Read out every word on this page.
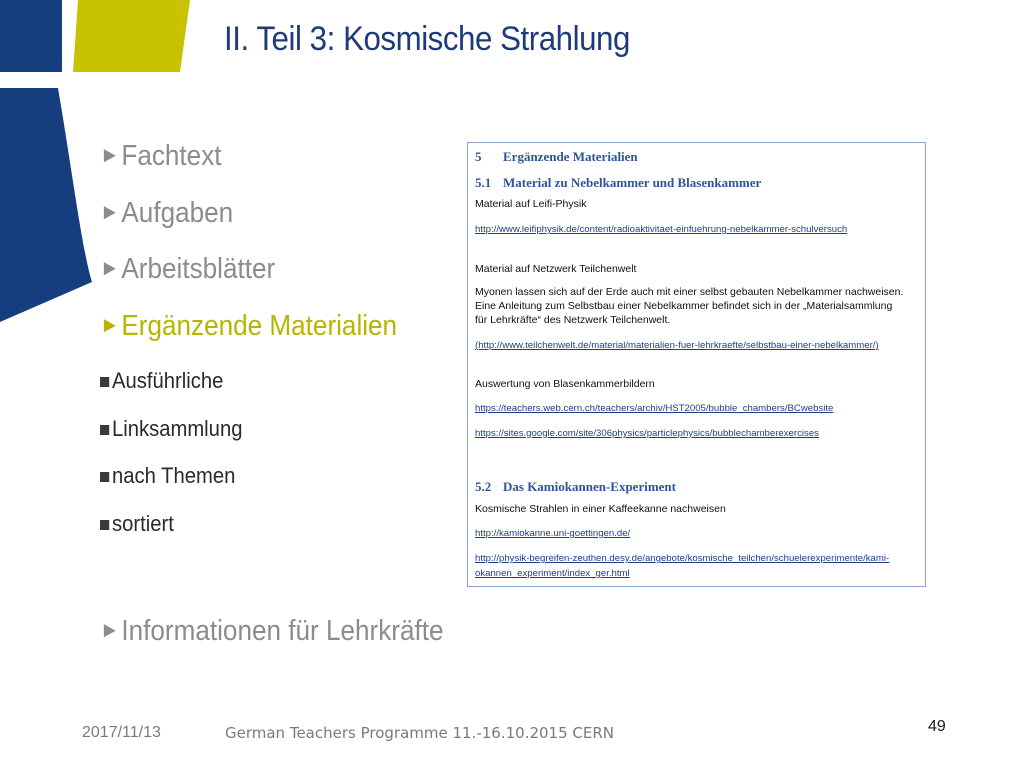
II. Teil 3: Kosmische Strahlung
►Fachtext
►Aufgaben
►Arbeitsblätter
►Ergänzende Materialien
Ausführliche
Linksammlung
nach Themen
sortiert
►Informationen für Lehrkräfte
5 Ergänzende Materialien
5.1 Material zu Nebelkammer und Blasenkammer
Material auf Leifi-Physik
http://www.leifiphysik.de/content/radioaktivitaet-einfuehrung-nebelkammer-schulversuch
Material auf Netzwerk Teilchenwelt
Myonen lassen sich auf der Erde auch mit einer selbst gebauten Nebelkammer nachweisen.
Eine Anleitung zum Selbstbau einer Nebelkammer befindet sich in der „Materialsammlung
für Lehrkräfte“ des Netzwerk Teilchenwelt.
(http://www.teilchenwelt.de/material/materialien-fuer-lehrkraefte/selbstbau-einer-nebelkammer/)
Auswertung von Blasenkammerbildern
https://teachers.web.cern.ch/teachers/archiv/HST2005/bubble_chambers/BCwebsite
https://sites.google.com/site/306physics/particlephysics/bubblechamberexercises
5.2 Das Kamiokannen-Experiment
Kosmische Strahlen in einer Kaffeekanne nachweisen
http://kamiokanne.uni-goettingen.de/
http://physik-begreifen-zeuthen.desy.de/angebote/kosmische_teilchen/schuelerexperimente/kami-
okannen_experiment/index_ger.html
2017/11/13	German Teachers Programme 11.-16.10.2015 CERN	49
